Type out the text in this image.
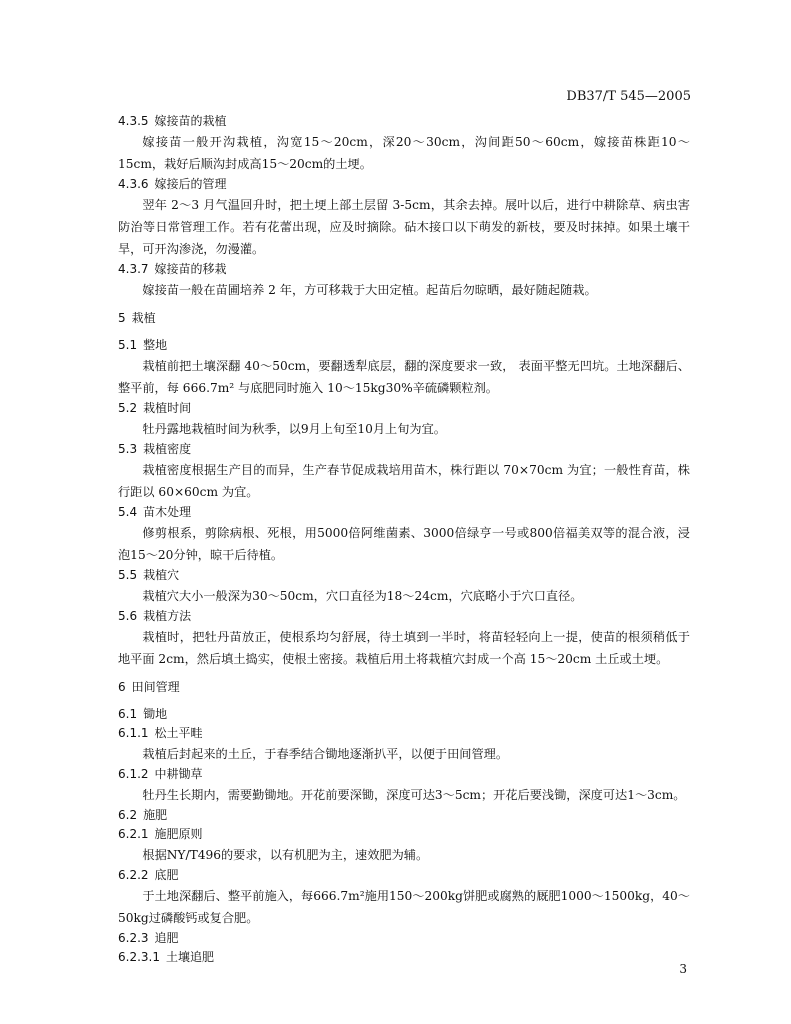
DB37/T 545—2005
4.3.5 嫁接苗的栽植
嫁接苗一般开沟栽植，沟宽15～20cm，深20～30cm，沟间距50～60cm，嫁接苗株距10～15cm，栽好后顺沟封成高15～20cm的土埂。
4.3.6 嫁接后的管理
翌年 2～3 月气温回升时，把土埂上部土层留 3-5cm，其余去掉。展叶以后，进行中耕除草、病虫害防治等日常管理工作。若有花蕾出现，应及时摘除。砧木接口以下萌发的新枝，要及时抹掉。如果土壤干旱，可开沟渗浇，勿漫灌。
4.3.7 嫁接苗的移栽
嫁接苗一般在苗圃培养 2 年，方可移栽于大田定植。起苗后勿晾晒，最好随起随栽。
5 栽植
5.1 整地
栽植前把土壤深翻 40～50cm，要翻透犁底层，翻的深度要求一致， 表面平整无凹坑。土地深翻后、整平前，每 666.7m² 与底肥同时施入 10～15kg30%辛硫磷颗粒剂。
5.2 栽植时间
牡丹露地栽植时间为秋季，以9月上旬至10月上旬为宜。
5.3 栽植密度
栽植密度根据生产目的而异，生产春节促成栽培用苗木，株行距以 70×70cm 为宜；一般性育苗，株行距以 60×60cm 为宜。
5.4 苗木处理
修剪根系，剪除病根、死根，用5000倍阿维菌素、3000倍绿亨一号或800倍福美双等的混合液，浸泡15～20分钟，晾干后待植。
5.5 栽植穴
栽植穴大小一般深为30～50cm，穴口直径为18～24cm，穴底略小于穴口直径。
5.6 栽植方法
栽植时，把牡丹苗放正，使根系均匀舒展，待土填到一半时，将苗轻轻向上一提，使苗的根须稍低于地平面 2cm，然后填土捣实，使根土密接。栽植后用土将栽植穴封成一个高 15～20cm 土丘或土埂。
6 田间管理
6.1 锄地
6.1.1 松土平畦
栽植后封起来的土丘，于春季结合锄地逐渐扒平，以便于田间管理。
6.1.2 中耕锄草
牡丹生长期内，需要勤锄地。开花前要深锄，深度可达3～5cm；开花后要浅锄，深度可达1～3cm。
6.2 施肥
6.2.1 施肥原则
根据NY/T496的要求，以有机肥为主，速效肥为辅。
6.2.2 底肥
于土地深翻后、整平前施入，每666.7m²施用150～200kg饼肥或腐熟的厩肥1000～1500kg，40～50kg过磷酸钙或复合肥。
6.2.3 追肥
6.2.3.1 土壤追肥
3
